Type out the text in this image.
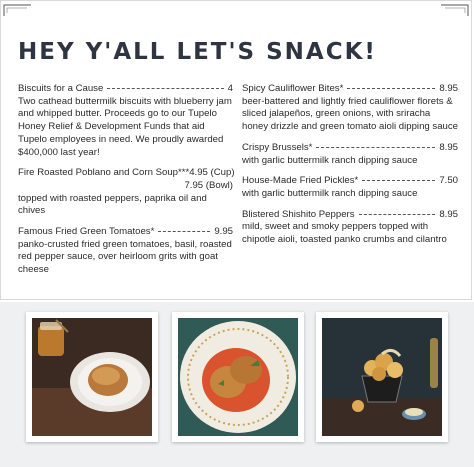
HEY Y'ALL LET'S SNACK!
Biscuits for a Cause	4

Two cathead buttermilk biscuits with blueberry jam and whipped butter. Proceeds go to our Tupelo Honey Relief & Development Funds that aid Tupelo employees in need. We proudly awarded $400,000 last year!

Fire Roasted Poblano and Corn Soup*** 4.95 (Cup)
7.95 (Bowl)

topped with roasted peppers, paprika oil and chives

Famous Fried Green Tomatoes*	9.95

panko-crusted fried green tomatoes, basil, roasted red pepper sauce, over heirloom grits with goat cheese

Spicy Cauliflower Bites*	8.95

beer-battered and lightly fried cauliflower florets & sliced jalapeños, green onions, with sriracha honey drizzle and green tomato aioli dipping sauce

Crispy Brussels*	8.95

with garlic buttermilk ranch dipping sauce

House-Made Fried Pickles*	7.50

with garlic buttermilk ranch dipping sauce

Blistered Shishito Peppers	8.95

mild, sweet and smoky peppers topped with chipotle aioli, toasted panko crumbs and cilantro
